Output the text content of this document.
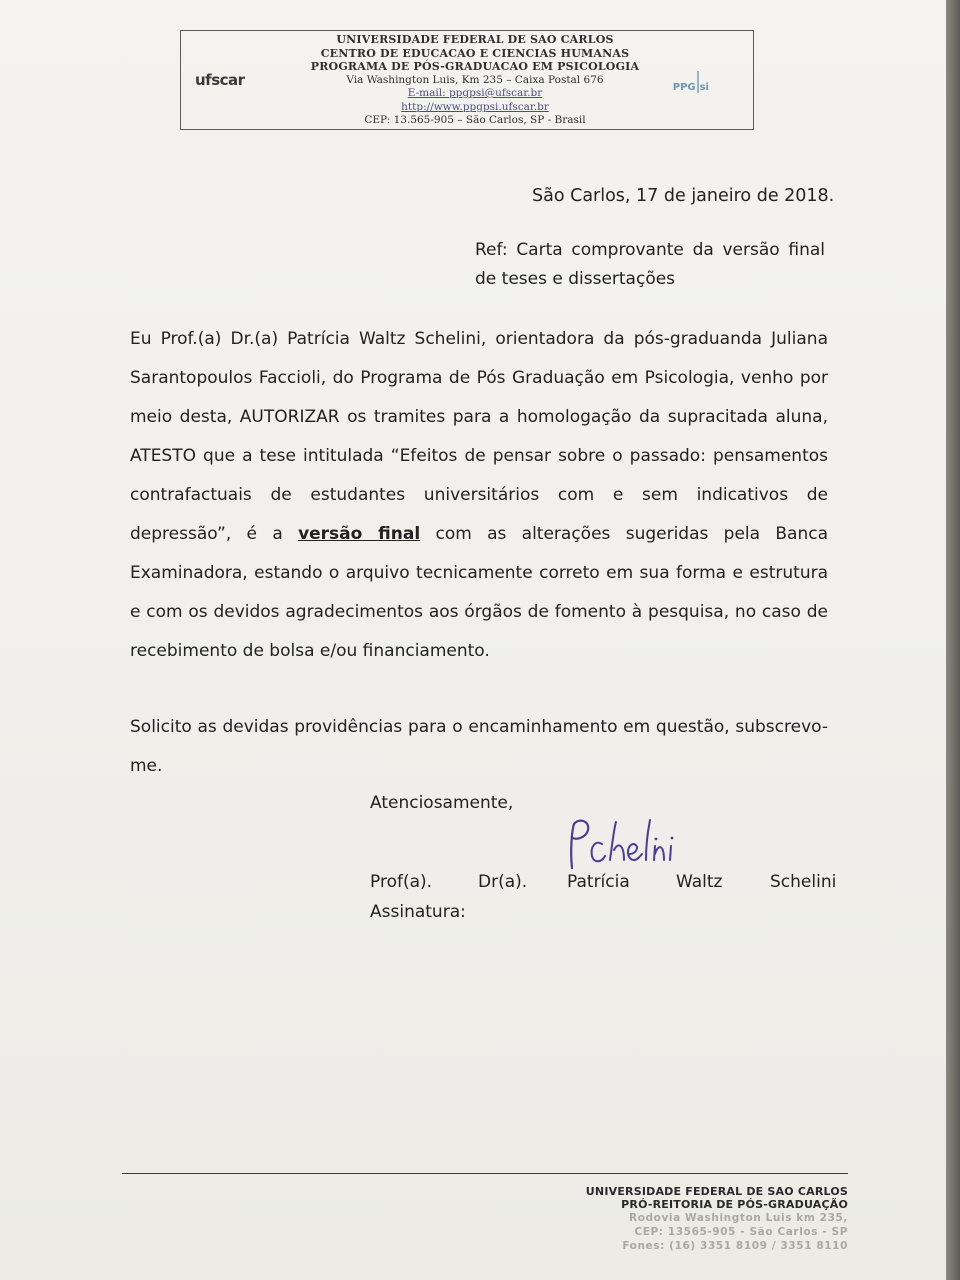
ufscar
UNIVERSIDADE FEDERAL DE SAO CARLOS
CENTRO DE EDUCACAO E CIENCIAS HUMANAS
PROGRAMA DE PÓS-GRADUACAO EM PSICOLOGIA
Via Washington Luis, Km 235 – Caixa Postal 676
E-mail: ppgpsi@ufscar.br
http://www.ppgpsi.ufscar.br
CEP: 13.565-905 – São Carlos, SP - Brasil
PPG si
São Carlos, 17 de janeiro de 2018.
Ref: Carta comprovante da versão final de teses e dissertações
Eu Prof.(a) Dr.(a) Patrícia Waltz Schelini, orientadora da pós-graduanda Juliana Sarantopoulos Faccioli, do Programa de Pós Graduação em Psicologia, venho por meio desta, AUTORIZAR os tramites para a homologação da supracitada aluna, ATESTO que a tese intitulada “Efeitos de pensar sobre o passado: pensamentos contrafactuais de estudantes universitários com e sem indicativos de depressão”, é a versão final com as alterações sugeridas pela Banca Examinadora, estando o arquivo tecnicamente correto em sua forma e estrutura e com os devidos agradecimentos aos órgãos de fomento à pesquisa, no caso de recebimento de bolsa e/ou financiamento.
Solicito as devidas providências para o encaminhamento em questão, subscrevo-me.
Atenciosamente,
Prof(a).	Dr(a). Patrícia	Waltz	Schelini
Assinatura:
UNIVERSIDADE FEDERAL DE SAO CARLOS
PRÓ-REITORIA DE PÓS-GRADUAÇÃO
Rodovia Washington Luis km 235,
CEP: 13565-905 - São Carlos - SP
Fones: (16) 3351 8109 / 3351 8110
